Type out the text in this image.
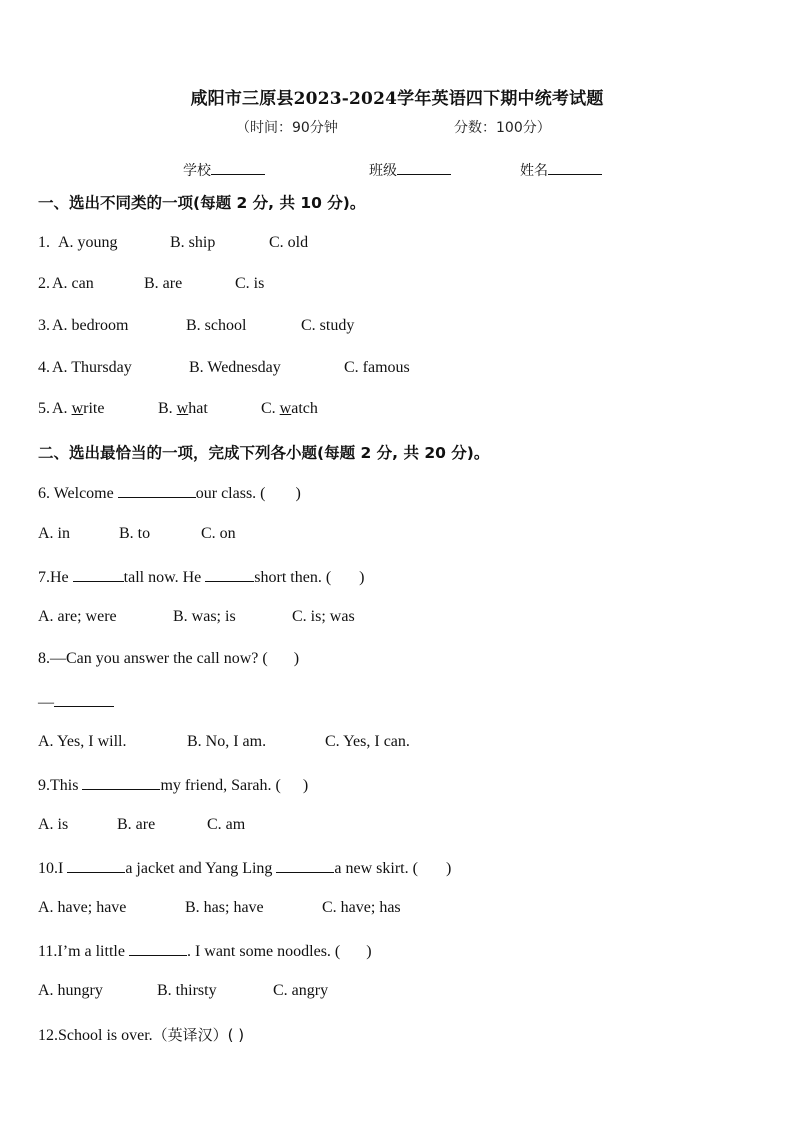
咸阳市三原县2023-2024学年英语四下期中统考试题
（时间：90分钟	分数：100分）
学校	班级	姓名
一、选出不同类的一项(每题 2 分, 共 10 分)。
1. A. young	B. ship	C. old
2. A. can	B. are	C. is
3. A. bedroom	B. school	C. study
4. A. Thursday	B. Wednesday	C. famous
5. A. write	B. what	C. watch
二、选出最恰当的一项，完成下列各小题(每题 2 分, 共 20 分)。
6. Welcome	our class. ( )
A. in	B. to	C. on
7.He	tall now. He	short then. ( )
A. are; were	B. was; is	C. is; was
8.—Can you answer the call now? ( )
—
A. Yes, I will.	B. No, I am.	C. Yes, I can.
9.This	my friend, Sarah. ( )
A. is	B. are	C. am
10.I	a jacket and Yang Ling	a new skirt. ( )
A. have; have	B. has; have	C. have; has
11.I’m a little	. I want some noodles. ( )
A. hungry	B. thirsty	C. angry
12.School is over.（英译汉）( )
